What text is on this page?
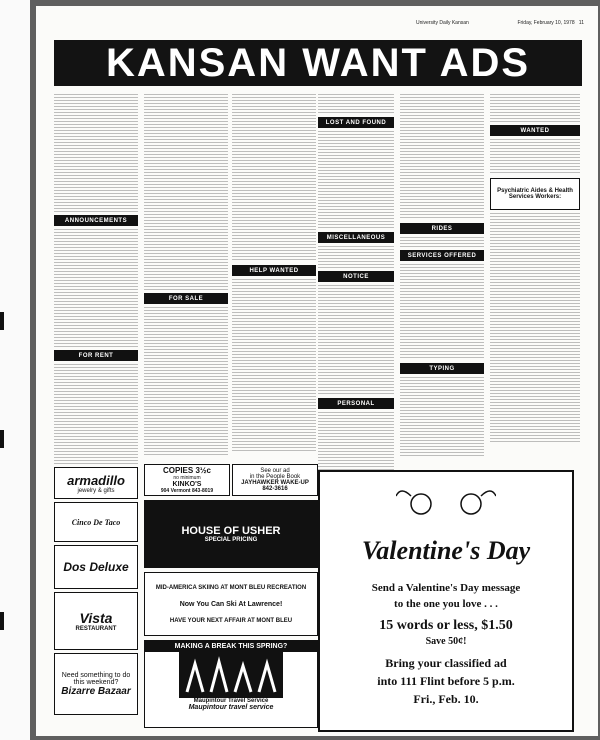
University Daily Kansan	Friday, February 10, 1978 11
KANSAN WANT ADS
ANNOUNCEMENTS
FOR RENT
armadillo
jewelry & gifts
Cinco De Taco
Dos Deluxe
Vista
RESTAURANT
Need something to do this weekend?
Bizarre Bazaar
FOR SALE
HELP WANTED
COPIES 3½c
no minimum
KINKO'S
904 Vermont 843-8019
See our ad
in the People Book
JAYHAWKER WAKE-UP
842-3616
HOUSE OF USHER
SPECIAL PRICING
MID-AMERICA SKIING AT MONT BLEU RECREATION
Now You Can Ski At Lawrence!
HAVE YOUR NEXT AFFAIR AT MONT BLEU
MAKING A BREAK THIS SPRING?
Maupintour Travel Service
Maupintour travel service
LOST AND FOUND
MISCELLANEOUS
NOTICE
PERSONAL
RIDES
SERVICES OFFERED
TYPING
WANTED
Psychiatric Aides & Health Services Workers:
Valentine's Day
Send a Valentine's Day message
to the one you love . . .
15 words or less, $1.50
Save 50¢!
Bring your classified ad
into 111 Flint before 5 p.m.
Fri., Feb. 10.
